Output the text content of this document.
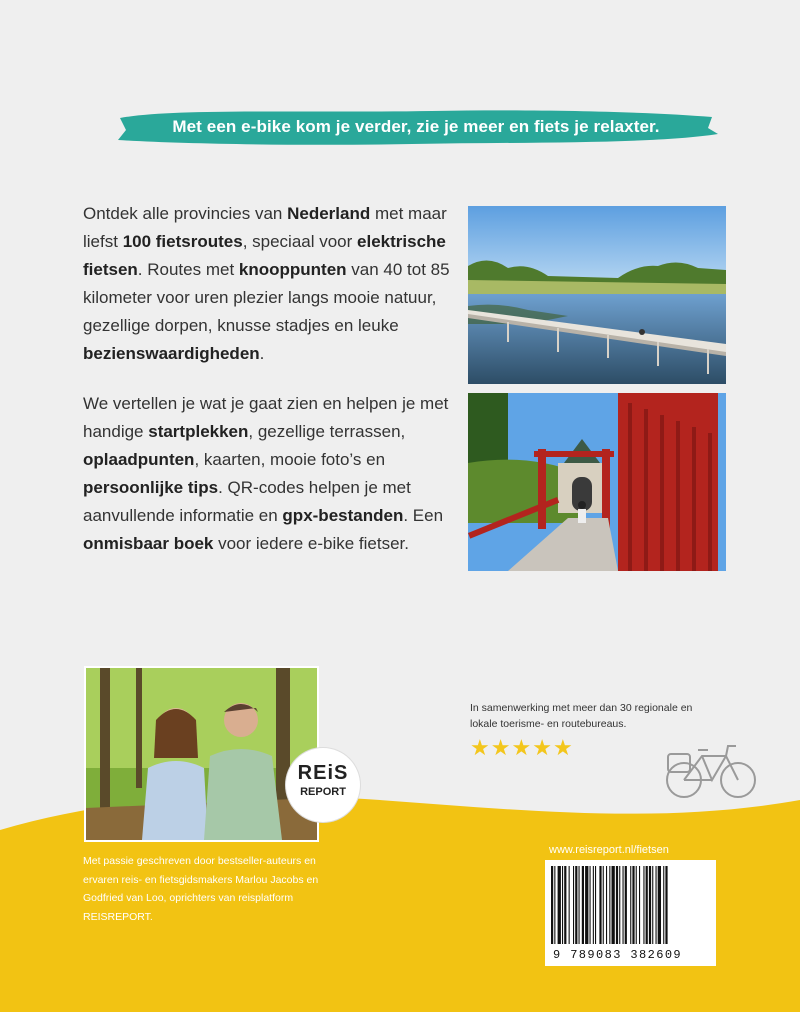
Met een e-bike kom je verder, zie je meer en fiets je relaxter.

Ontdek alle provincies van Nederland met maar liefst 100 fietsroutes, speciaal voor elektrische fietsen. Routes met knooppunten van 40 tot 85 kilometer voor uren plezier langs mooie natuur, gezellige dorpen, knusse stadjes en leuke bezienswaardigheden.

We vertellen je wat je gaat zien en helpen je met handige startplekken, gezellige terrassen, oplaadpunten, kaarten, mooie foto’s en persoonlijke tips. QR-codes helpen je met aanvullende informatie en gpx-bestanden. Een onmisbaar boek voor iedere e-bike fietser.

REiS
REPORT
In samenwerking met meer dan 30 regionale en lokale toerisme- en routebureaus.
★★★★★
Met passie geschreven door bestseller-auteurs en ervaren reis- en fietsgidsmakers Marlou Jacobs en Godfried van Loo, oprichters van reisplatform REISREPORT.
www.reisreport.nl/fietsen
9 789083 382609
